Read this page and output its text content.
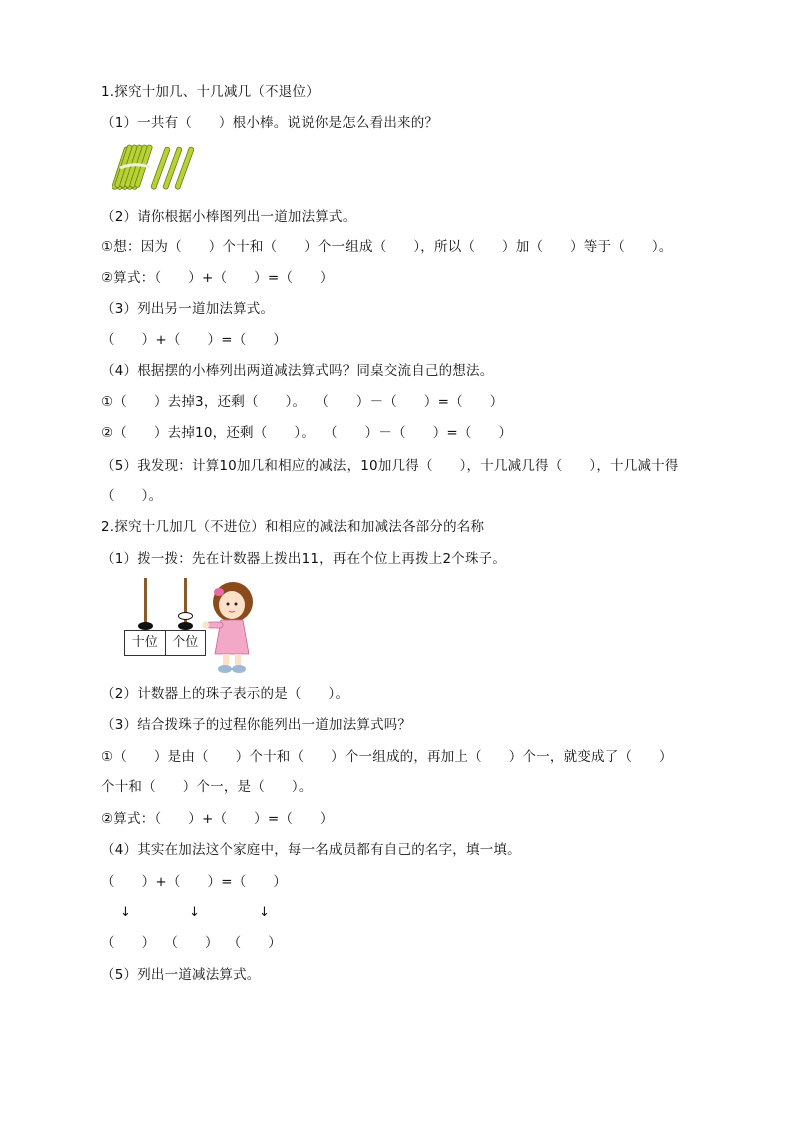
1.探究十加几、十几减几（不退位）
（1）一共有（      ）根小棒。说说你是怎么看出来的？
（2）请你根据小棒图列出一道加法算式。
①想：因为（      ）个十和（      ）个一组成（      ），所以（      ）加（      ）等于（      ）。
②算式：（      ）+（      ）=（      ）
（3）列出另一道加法算式。
（      ）+（      ）=（      ）
（4）根据摆的小棒列出两道减法算式吗？同桌交流自己的想法。
①（      ）去掉3，还剩（      ）。  （      ）－（      ）=（      ）
②（      ）去掉10，还剩（      ）。  （      ）－（      ）=（      ）
（5）我发现：计算10加几和相应的减法，10加几得（      ），十几减几得（      ），十几减十得
（      ）。
2.探究十几加几（不进位）和相应的减法和加减法各部分的名称
（1）拨一拨：先在计数器上拨出11，再在个位上再拨上2个珠子。
十位	个位
（2）计数器上的珠子表示的是（      ）。
（3）结合拨珠子的过程你能列出一道加法算式吗？
①（      ）是由（      ）个十和（      ）个一组成的，再加上（      ）个一，就变成了（      ）
个十和（      ）个一，是（      ）。
②算式：（      ）+（      ）=（      ）
（4）其实在加法这个家庭中，每一名成员都有自己的名字，填一填。
（      ）+（      ）=（      ）
↓	↓	↓
（      ）  （      ）  （      ）
（5）列出一道减法算式。
